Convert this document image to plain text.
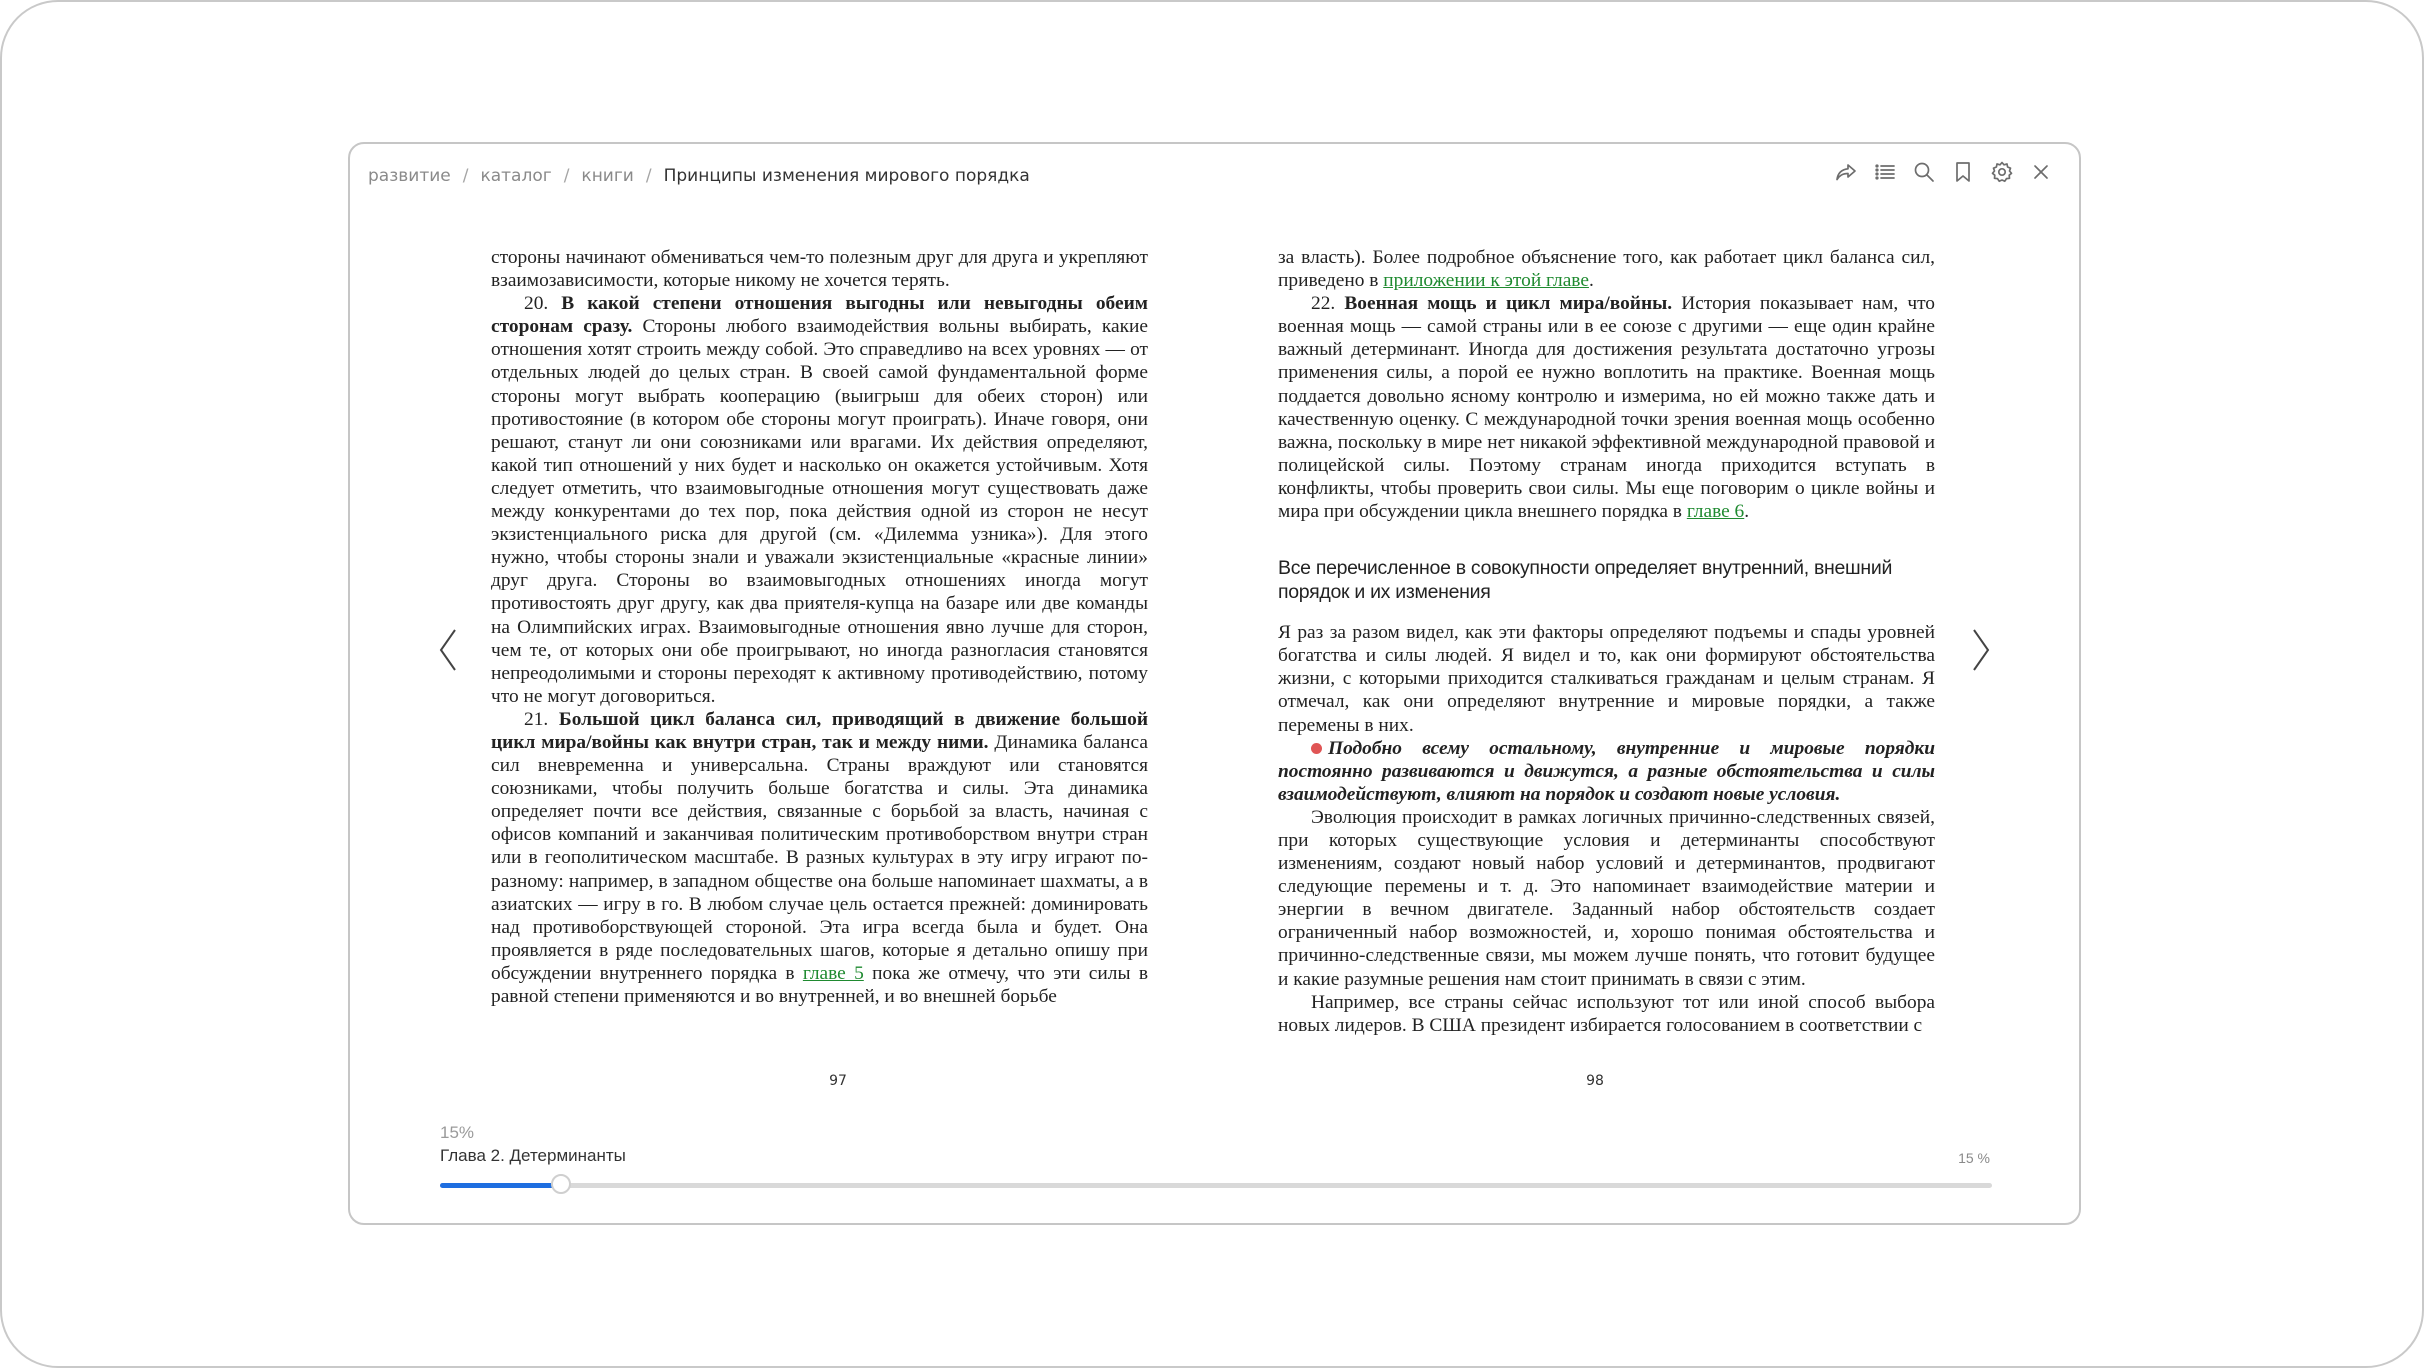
развитие / каталог / книги / Принципы изменения мирового порядка

стороны начинают обмениваться чем-то полезным друг для друга и укрепляют взаимозависимости, которые никому не хочется терять.

20. В какой степени отношения выгодны или невыгодны обеим сторонам сразу. Стороны любого взаимодействия вольны выбирать, какие отношения хотят строить между собой. Это справедливо на всех уровнях — от отдельных людей до целых стран. В своей самой фундаментальной форме стороны могут выбрать кооперацию (выигрыш для обеих сторон) или противостояние (в котором обе стороны могут проиграть). Иначе говоря, они решают, станут ли они союзниками или врагами. Их действия определяют, какой тип отношений у них будет и насколько он окажется устойчивым. Хотя следует отметить, что взаимовыгодные отношения могут существовать даже между конкурентами до тех пор, пока действия одной из сторон не несут экзистенциального риска для другой (см. «Дилемма узника»). Для этого нужно, чтобы стороны знали и уважали экзистенциальные «красные линии» друг друга. Стороны во взаимовыгодных отношениях иногда могут противостоять друг другу, как два приятеля-купца на базаре или две команды на Олимпийских играх. Взаимовыгодные отношения явно лучше для сторон, чем те, от которых они обе проигрывают, но иногда разногласия становятся непреодолимыми и стороны переходят к активному противодействию, потому что не могут договориться.

21. Большой цикл баланса сил, приводящий в движение большой цикл мира/войны как внутри стран, так и между ними. Динамика баланса сил вневременна и универсальна. Страны враждуют или становятся союзниками, чтобы получить больше богатства и силы. Эта динамика определяет почти все действия, связанные с борьбой за власть, начиная с офисов компаний и заканчивая политическим противоборством внутри стран или в геополитическом масштабе. В разных культурах в эту игру играют по-разному: например, в западном обществе она больше напоминает шахматы, а в азиатских — игру в го. В любом случае цель остается прежней: доминировать над противоборствующей стороной. Эта игра всегда была и будет. Она проявляется в ряде последовательных шагов, которые я детально опишу при обсуждении внутреннего порядка в главе 5 пока же отмечу, что эти силы в равной степени применяются и во внутренней, и во внешней борьбе

за власть). Более подробное объяснение того, как работает цикл баланса сил, приведено в приложении к этой главе.

22. Военная мощь и цикл мира/войны. История показывает нам, что военная мощь — самой страны или в ее союзе с другими — еще один крайне важный детерминант. Иногда для достижения результата достаточно угрозы применения силы, а порой ее нужно воплотить на практике. Военная мощь поддается довольно ясному контролю и измерима, но ей можно также дать и качественную оценку. С международной точки зрения военная мощь особенно важна, поскольку в мире нет никакой эффективной международной правовой и полицейской силы. Поэтому странам иногда приходится вступать в конфликты, чтобы проверить свои силы. Мы еще поговорим о цикле войны и мира при обсуждении цикла внешнего порядка в главе 6.

Все перечисленное в совокупности определяет внутренний, внешний порядок и их изменения

Я раз за разом видел, как эти факторы определяют подъемы и спады уровней богатства и силы людей. Я видел и то, как они формируют обстоятельства жизни, с которыми приходится сталкиваться гражданам и целым странам. Я отмечал, как они определяют внутренние и мировые порядки, а также перемены в них.

Подобно всему остальному, внутренние и мировые порядки постоянно развиваются и движутся, а разные обстоятельства и силы взаимодействуют, влияют на порядок и создают новые условия.

Эволюция происходит в рамках логичных причинно-следственных связей, при которых существующие условия и детерминанты способствуют изменениям, создают новый набор условий и детерминантов, продвигают следующие перемены и т. д. Это напоминает взаимодействие материи и энергии в вечном двигателе. Заданный набор обстоятельств создает ограниченный набор возможностей, и, хорошо понимая обстоятельства и причинно-следственные связи, мы можем лучше понять, что готовит будущее и какие разумные решения нам стоит принимать в связи с этим.

Например, все страны сейчас используют тот или иной способ выбора новых лидеров. В США президент избирается голосованием в соответствии с

97	98
15%
Глава 2. Детерминанты	15 %
